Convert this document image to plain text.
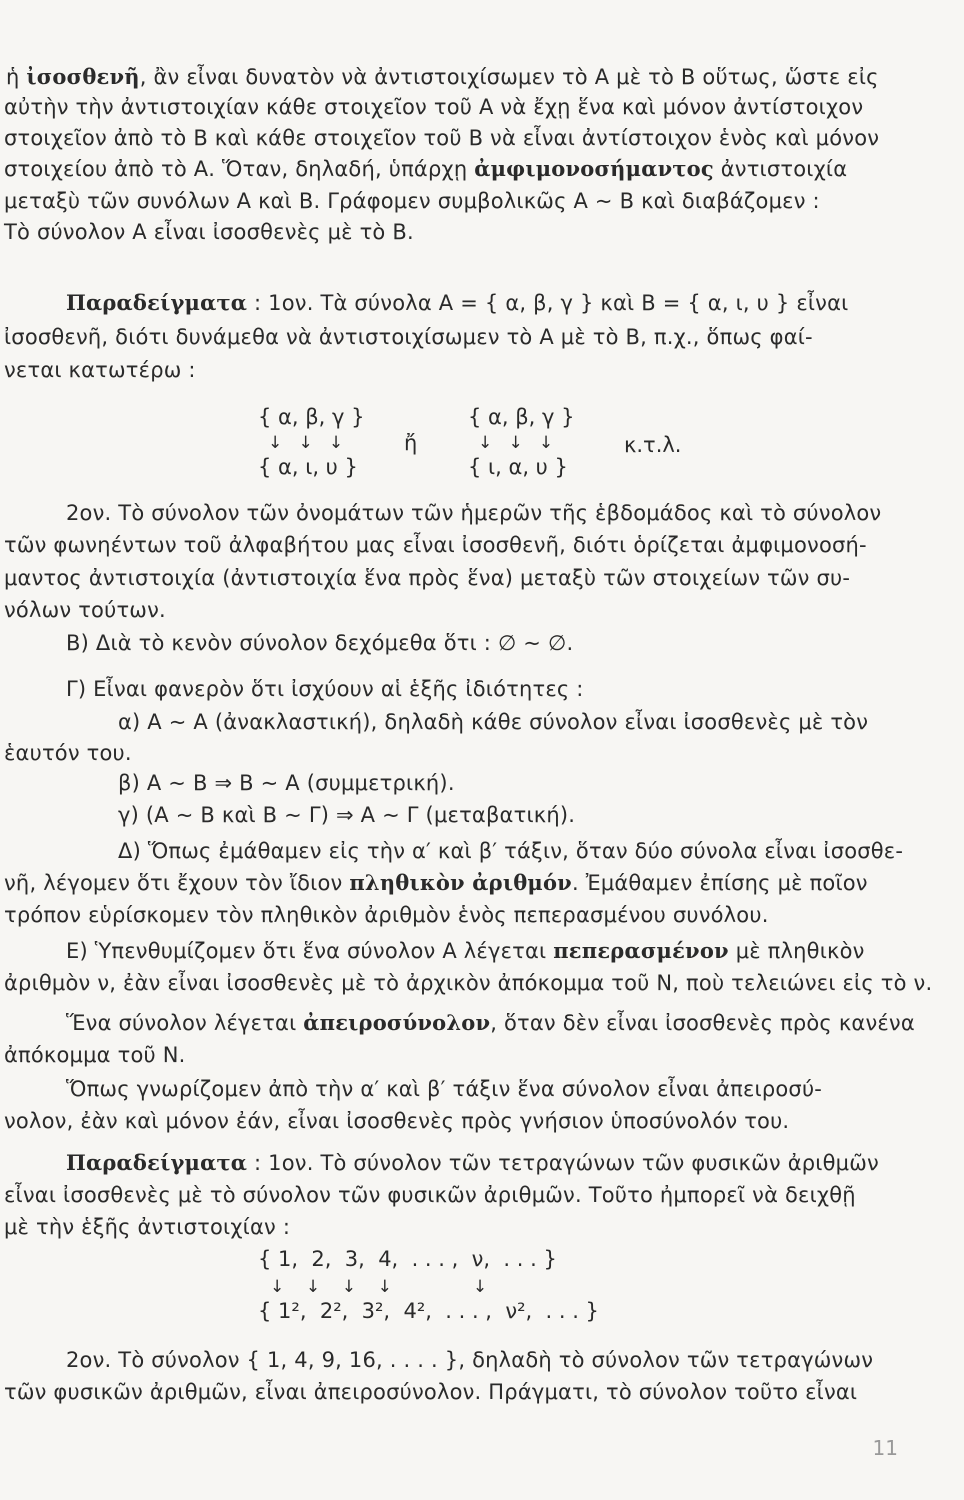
ἡ ἰσοσθενῆ, ἂν εἶναι δυνατὸν νὰ ἀντιστοιχίσωμεν τὸ Α μὲ τὸ Β οὕτως, ὥστε εἰς
αὐτὴν τὴν ἀντιστοιχίαν κάθε στοιχεῖον τοῦ Α νὰ ἔχῃ ἕνα καὶ μόνον ἀντίστοιχον
στοιχεῖον ἀπὸ τὸ Β καὶ κάθε στοιχεῖον τοῦ Β νὰ εἶναι ἀντίστοιχον ἑνὸς καὶ μόνον
στοιχείου ἀπὸ τὸ Α. Ὅταν, δηλαδή, ὑπάρχῃ ἀμφιμονοσήμαντος ἀντιστοιχία
μεταξὺ τῶν συνόλων Α καὶ Β. Γράφομεν συμβολικῶς Α ∼ Β καὶ διαβάζομεν :
Τὸ σύνολον Α εἶναι ἰσοσθενὲς μὲ τὸ Β.
Παραδείγματα : 1ον. Τὰ σύνολα Α = { α, β, γ } καὶ Β = { α, ι, υ } εἶναι
ἰσοσθενῆ, διότι δυνάμεθα νὰ ἀντιστοιχίσωμεν τὸ Α μὲ τὸ Β, π.χ., ὅπως φαί-
νεται κατωτέρω :
{ α, β, γ }
↓   ↓   ↓
{ α, ι, υ }
ἤ
{ α, β, γ }
↓   ↓   ↓
{ ι, α, υ }
κ.τ.λ.
2ον. Τὸ σύνολον τῶν ὀνομάτων τῶν ἡμερῶν τῆς ἑβδομάδος καὶ τὸ σύνολον
τῶν φωνηέντων τοῦ ἀλφαβήτου μας εἶναι ἰσοσθενῆ, διότι ὁρίζεται ἀμφιμονοσή-
μαντος ἀντιστοιχία (ἀντιστοιχία ἕνα πρὸς ἕνα) μεταξὺ τῶν στοιχείων τῶν συ-
νόλων τούτων.
Β) Διὰ τὸ κενὸν σύνολον δεχόμεθα ὅτι : ∅ ∼ ∅.
Γ) Εἶναι φανερὸν ὅτι ἰσχύουν αἱ ἑξῆς ἰδιότητες :
α) Α ∼ Α (ἀνακλαστική), δηλαδὴ κάθε σύνολον εἶναι ἰσοσθενὲς μὲ τὸν
ἑαυτόν του.
β) Α ∼ Β ⇒ Β ∼ Α (συμμετρική).
γ) (Α ∼ Β καὶ Β ∼ Γ) ⇒ Α ∼ Γ (μεταβατική).
Δ) Ὅπως ἐμάθαμεν εἰς τὴν α′ καὶ β′ τάξιν, ὅταν δύο σύνολα εἶναι ἰσοσθε-
νῆ, λέγομεν ὅτι ἔχουν τὸν ἴδιον πληθικὸν ἀριθμόν. Ἐμάθαμεν ἐπίσης μὲ ποῖον
τρόπον εὑρίσκομεν τὸν πληθικὸν ἀριθμὸν ἑνὸς πεπερασμένου συνόλου.
Ε) Ὑπενθυμίζομεν ὅτι ἕνα σύνολον Α λέγεται πεπερασμένον μὲ πληθικὸν
ἀριθμὸν ν, ἐὰν εἶναι ἰσοσθενὲς μὲ τὸ ἀρχικὸν ἀπόκομμα τοῦ Ν, ποὺ τελειώνει εἰς τὸ ν.
Ἕνα σύνολον λέγεται ἀπειροσύνολον, ὅταν δὲν εἶναι ἰσοσθενὲς πρὸς κανένα
ἀπόκομμα τοῦ Ν.
Ὅπως γνωρίζομεν ἀπὸ τὴν α′ καὶ β′ τάξιν ἕνα σύνολον εἶναι ἀπειροσύ-
νολον, ἐὰν καὶ μόνον ἐάν, εἶναι ἰσοσθενὲς πρὸς γνήσιον ὑποσύνολόν του.
Παραδείγματα : 1ον. Τὸ σύνολον τῶν τετραγώνων τῶν φυσικῶν ἀριθμῶν
εἶναι ἰσοσθενὲς μὲ τὸ σύνολον τῶν φυσικῶν ἀριθμῶν. Τοῦτο ἠμπορεῖ νὰ δειχθῇ
μὲ τὴν ἑξῆς ἀντιστοιχίαν :
{ 1,  2,  3,  4,  . . . ,  ν,  . . . }
↓    ↓    ↓    ↓               ↓
{ 1²,  2²,  3²,  4²,  . . . ,  ν²,  . . . }
2ον. Τὸ σύνολον { 1, 4, 9, 16, . . . . }, δηλαδὴ τὸ σύνολον τῶν τετραγώνων
τῶν φυσικῶν ἀριθμῶν, εἶναι ἀπειροσύνολον. Πράγματι, τὸ σύνολον τοῦτο εἶναι
11
